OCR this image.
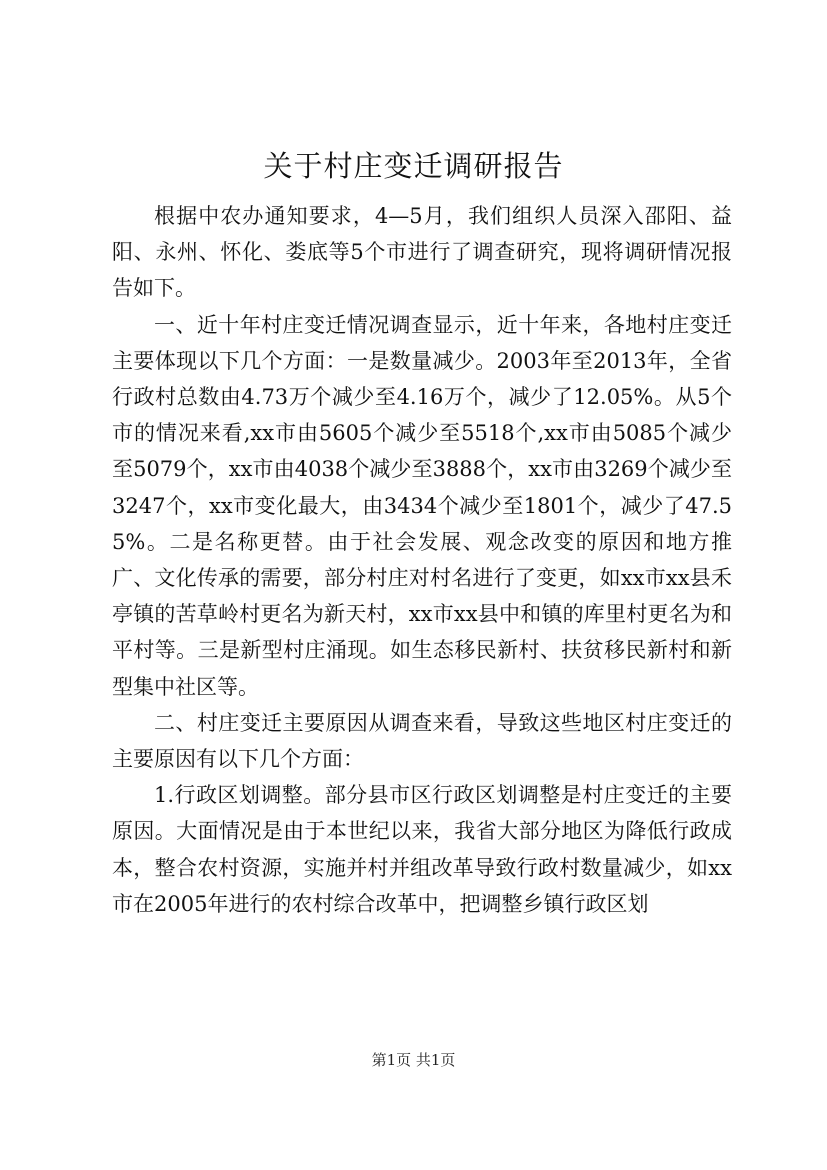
关于村庄变迁调研报告

根据中农办通知要求，4—5月，我们组织人员深入邵阳、益阳、永州、怀化、娄底等5个市进行了调查研究，现将调研情况报告如下。

一、近十年村庄变迁情况调查显示，近十年来，各地村庄变迁主要体现以下几个方面：一是数量减少。2003年至2013年，全省行政村总数由4.73万个减少至4.16万个，减少了12.05%。从5个市的情况来看,xx市由5605个减少至5518个,xx市由5085个减少至5079个，xx市由4038个减少至3888个，xx市由3269个减少至3247个，xx市变化最大，由3434个减少至1801个，减少了47.55%。二是名称更替。由于社会发展、观念改变的原因和地方推广、文化传承的需要，部分村庄对村名进行了变更，如xx市xx县禾亭镇的苦草岭村更名为新天村，xx市xx县中和镇的库里村更名为和平村等。三是新型村庄涌现。如生态移民新村、扶贫移民新村和新型集中社区等。

二、村庄变迁主要原因从调查来看，导致这些地区村庄变迁的主要原因有以下几个方面：

1.行政区划调整。部分县市区行政区划调整是村庄变迁的主要原因。大面情况是由于本世纪以来，我省大部分地区为降低行政成本，整合农村资源，实施并村并组改革导致行政村数量减少，如xx市在2005年进行的农村综合改革中，把调整乡镇行政区划

第1页 共1页
